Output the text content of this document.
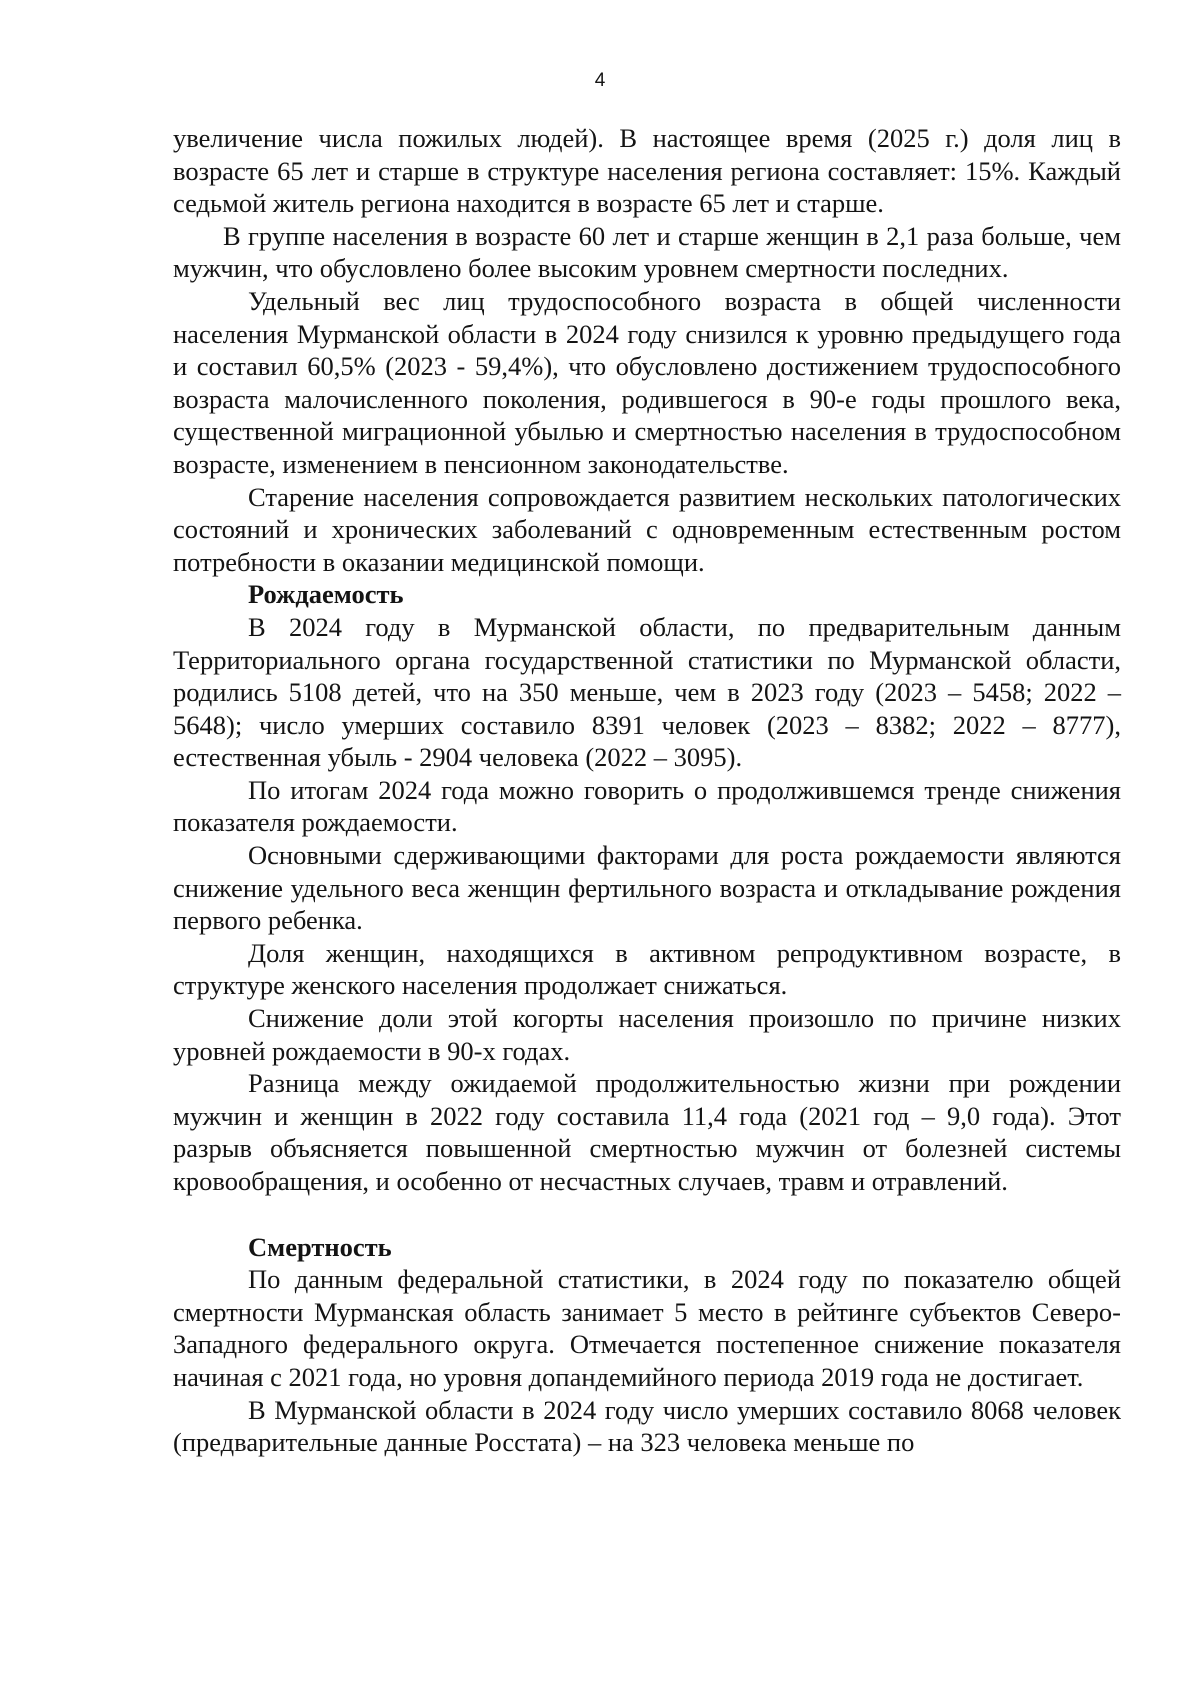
4

увеличение числа пожилых людей). В настоящее время (2025 г.) доля лиц в возрасте 65 лет и старше в структуре населения региона составляет: 15%. Каждый седьмой житель региона находится в возрасте 65 лет и старше.

В группе населения в возрасте 60 лет и старше женщин в 2,1 раза больше, чем мужчин, что обусловлено более высоким уровнем смертности последних.

Удельный вес лиц трудоспособного возраста в общей численности населения Мурманской области в 2024 году снизился к уровню предыдущего года и составил 60,5% (2023 - 59,4%), что обусловлено достижением трудоспособного возраста малочисленного поколения, родившегося в 90-е годы прошлого века, существенной миграционной убылью и смертностью населения в трудоспособном возрасте, изменением в пенсионном законодательстве.

Старение населения сопровождается развитием нескольких патологических состояний и хронических заболеваний с одновременным естественным ростом потребности в оказании медицинской помощи.

Рождаемость

В 2024 году в Мурманской области, по предварительным данным Территориального органа государственной статистики по Мурманской области, родились 5108 детей, что на 350 меньше, чем в 2023 году (2023 – 5458; 2022 – 5648); число умерших составило 8391 человек (2023 – 8382; 2022 – 8777), естественная убыль - 2904 человека (2022 – 3095).

По итогам 2024 года можно говорить о продолжившемся тренде снижения показателя рождаемости.

Основными сдерживающими факторами для роста рождаемости являются снижение удельного веса женщин фертильного возраста и откладывание рождения первого ребенка.

Доля женщин, находящихся в активном репродуктивном возрасте, в структуре женского населения продолжает снижаться.

Снижение доли этой когорты населения произошло по причине низких уровней рождаемости в 90-х годах.

Разница между ожидаемой продолжительностью жизни при рождении мужчин и женщин в 2022 году составила 11,4 года (2021 год – 9,0 года). Этот разрыв объясняется повышенной смертностью мужчин от болезней системы кровообращения, и особенно от несчастных случаев, травм и отравлений.

Смертность

По данным федеральной статистики, в 2024 году по показателю общей смертности Мурманская область занимает 5 место в рейтинге субъектов Северо-Западного федерального округа. Отмечается постепенное снижение показателя начиная с 2021 года, но уровня допандемийного периода 2019 года не достигает.

В Мурманской области в 2024 году число умерших составило 8068 человек (предварительные данные Росстата) – на 323 человека меньше по
